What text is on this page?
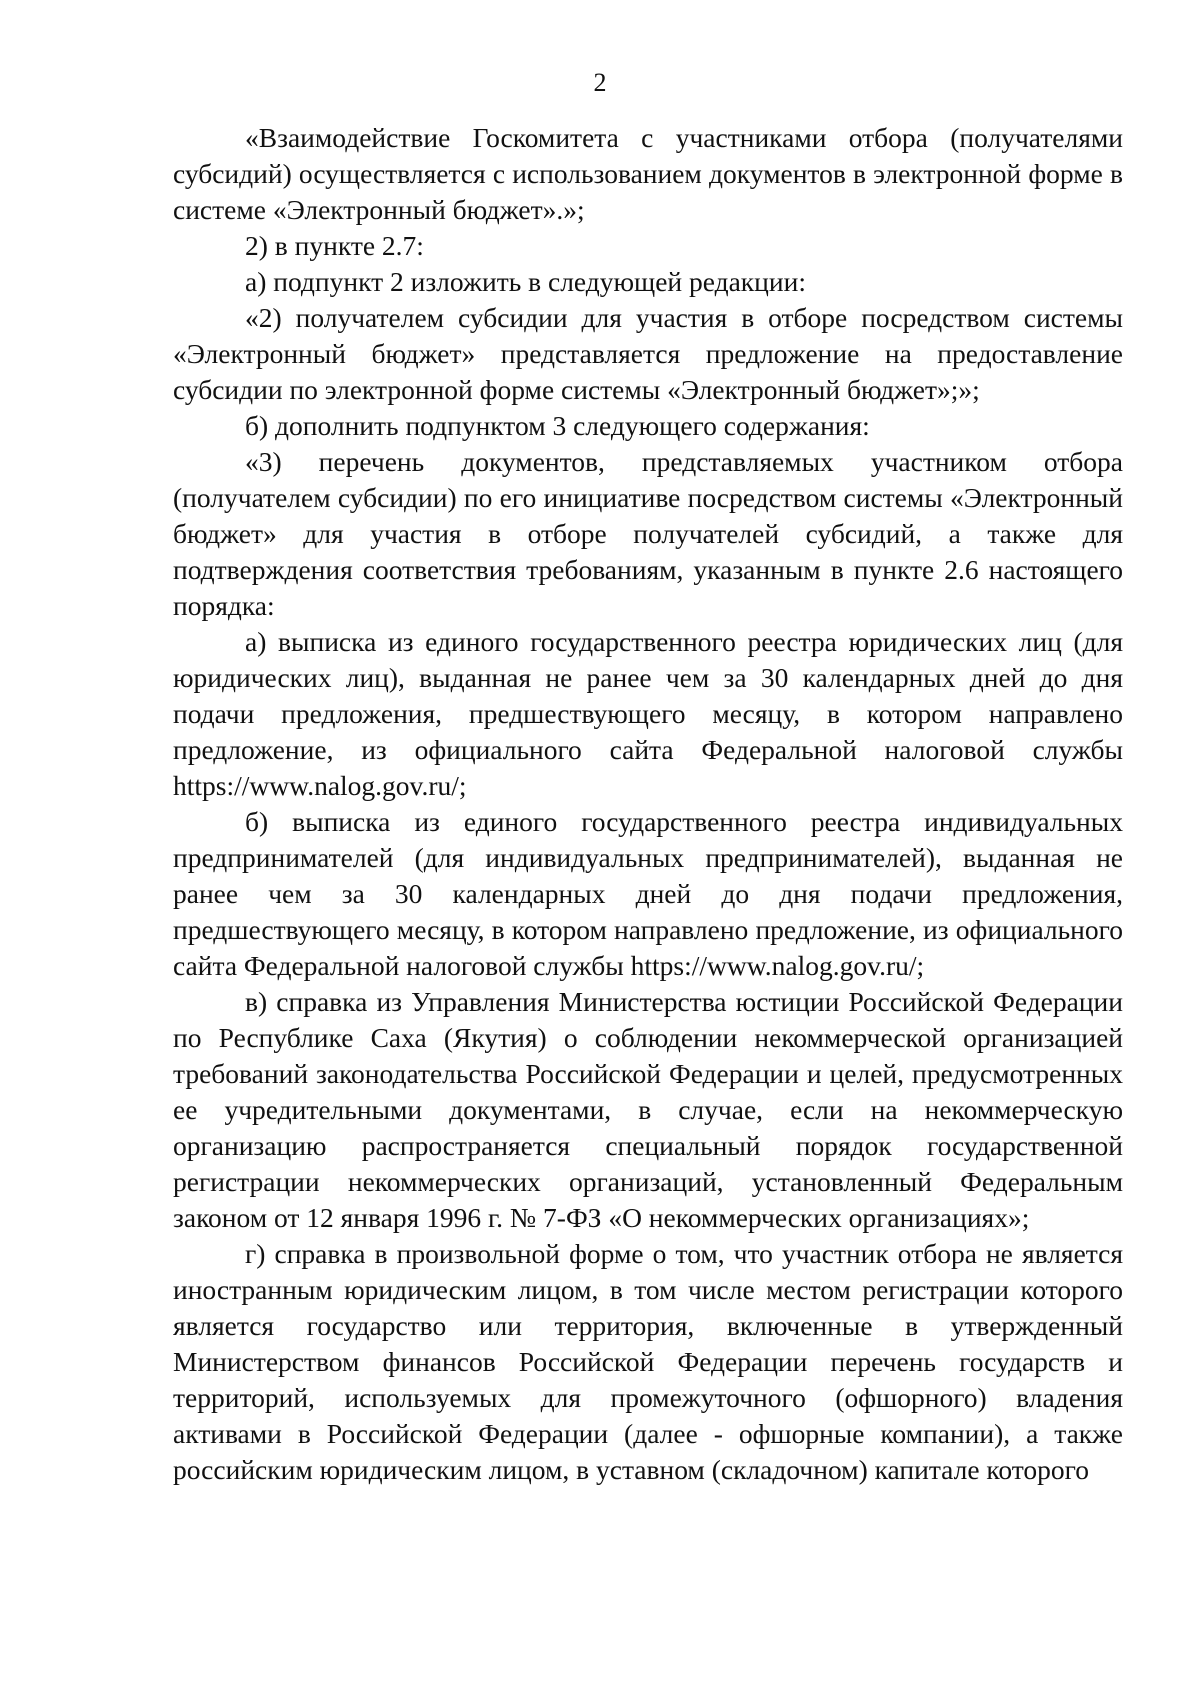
2

«Взаимодействие Госкомитета с участниками отбора (получателями субсидий) осуществляется с использованием документов в электронной форме в системе «Электронный бюджет».»;

2) в пункте 2.7:

а) подпункт 2 изложить в следующей редакции:

«2) получателем субсидии для участия в отборе посредством системы «Электронный бюджет» представляется предложение на предоставление субсидии по электронной форме системы «Электронный бюджет»;»;

б) дополнить подпунктом 3 следующего содержания:

«3) перечень документов, представляемых участником отбора (получателем субсидии) по его инициативе посредством системы «Электронный бюджет» для участия в отборе получателей субсидий, а также для подтверждения соответствия требованиям, указанным в пункте 2.6 настоящего порядка:

а) выписка из единого государственного реестра юридических лиц (для юридических лиц), выданная не ранее чем за 30 календарных дней до дня подачи предложения, предшествующего месяцу, в котором направлено предложение, из официального сайта Федеральной налоговой службы https://www.nalog.gov.ru/;

б) выписка из единого государственного реестра индивидуальных предпринимателей (для индивидуальных предпринимателей), выданная не ранее чем за 30 календарных дней до дня подачи предложения, предшествующего месяцу, в котором направлено предложение, из официального сайта Федеральной налоговой службы https://www.nalog.gov.ru/;

в) справка из Управления Министерства юстиции Российской Федерации по Республике Саха (Якутия) о соблюдении некоммерческой организацией требований законодательства Российской Федерации и целей, предусмотренных ее учредительными документами, в случае, если на некоммерческую организацию распространяется специальный порядок государственной регистрации некоммерческих организаций, установленный Федеральным законом от 12 января 1996 г. № 7-ФЗ «О некоммерческих организациях»;

г) справка в произвольной форме о том, что участник отбора не является иностранным юридическим лицом, в том числе местом регистрации которого является государство или территория, включенные в утвержденный Министерством финансов Российской Федерации перечень государств и территорий, используемых для промежуточного (офшорного) владения активами в Российской Федерации (далее - офшорные компании), а также российским юридическим лицом, в уставном (складочном) капитале которого
